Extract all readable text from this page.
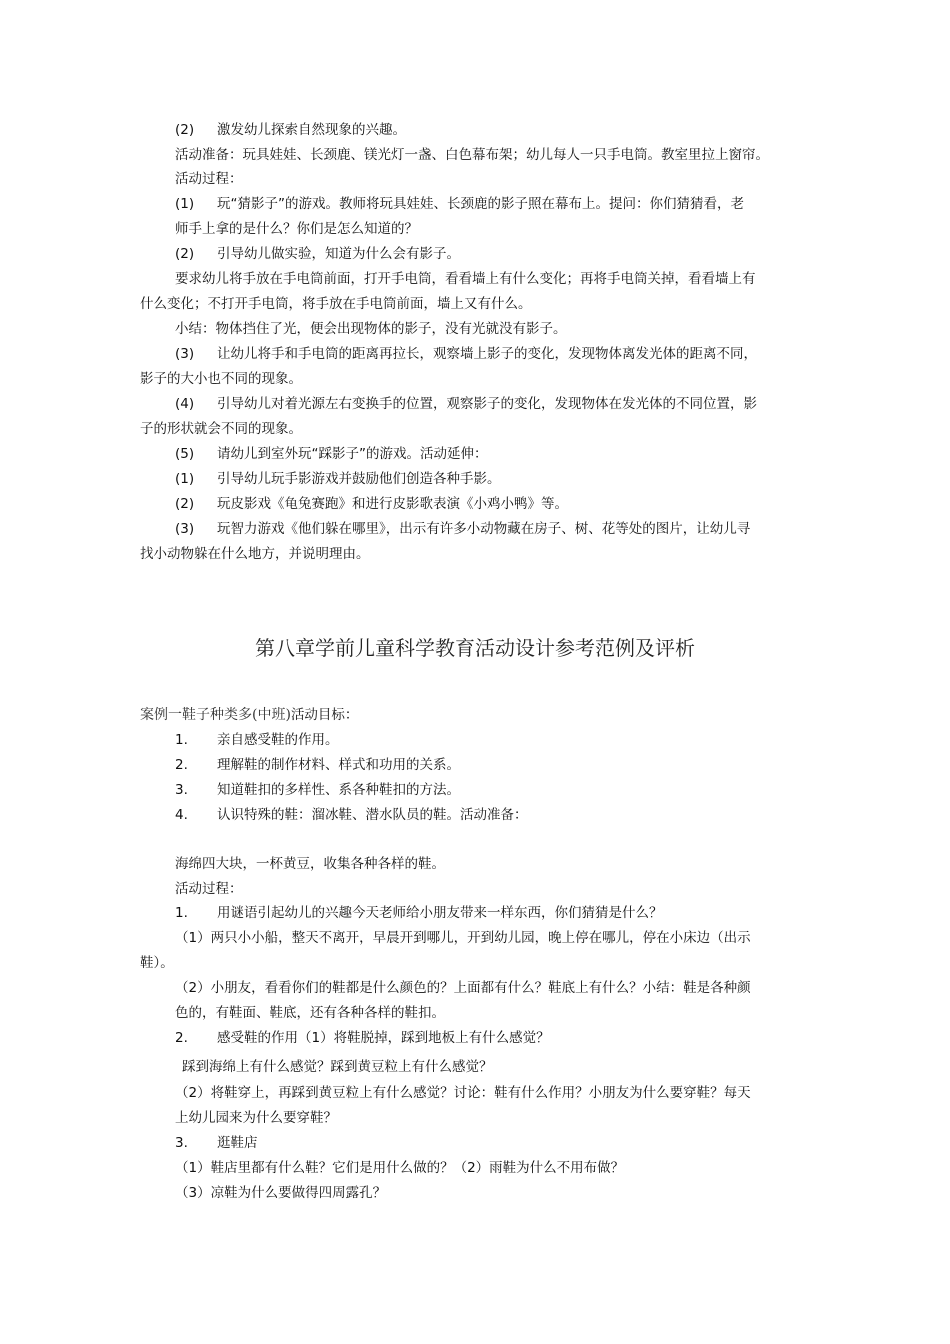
(2) 激发幼儿探索自然现象的兴趣。
活动准备：玩具娃娃、长颈鹿、镁光灯一盏、白色幕布架；幼儿每人一只手电筒。教室里拉上窗帘。
活动过程：
(1) 玩“猜影子”的游戏。教师将玩具娃娃、长颈鹿的影子照在幕布上。提问：你们猜猜看，老
师手上拿的是什么？你们是怎么知道的？
(2) 引导幼儿做实验，知道为什么会有影子。
要求幼儿将手放在手电筒前面，打开手电筒，看看墙上有什么变化；再将手电筒关掉，看看墙上有
什么变化；不打开手电筒，将手放在手电筒前面，墙上又有什么。
小结：物体挡住了光，便会出现物体的影子，没有光就没有影子。
(3) 让幼儿将手和手电筒的距离再拉长，观察墙上影子的变化，发现物体离发光体的距离不同，
影子的大小也不同的现象。
(4) 引导幼儿对着光源左右变换手的位置，观察影子的变化，发现物体在发光体的不同位置，影
子的形状就会不同的现象。
(5) 请幼儿到室外玩“踩影子”的游戏。活动延伸：
(1) 引导幼儿玩手影游戏并鼓励他们创造各种手影。
(2) 玩皮影戏《龟兔赛跑》和进行皮影歌表演《小鸡小鸭》等。
(3) 玩智力游戏《他们躲在哪里》，出示有许多小动物藏在房子、树、花等处的图片，让幼儿寻
找小动物躲在什么地方，并说明理由。
第八章学前儿童科学教育活动设计参考范例及评析
案例一鞋子种类多(中班)活动目标：
1. 亲自感受鞋的作用。
2. 理解鞋的制作材料、样式和功用的关系。
3. 知道鞋扣的多样性、系各种鞋扣的方法。
4. 认识特殊的鞋：溜冰鞋、潜水队员的鞋。活动准备：
海绵四大块，一杯黄豆，收集各种各样的鞋。
活动过程：
1. 用谜语引起幼儿的兴趣今天老师给小朋友带来一样东西，你们猜猜是什么？
（1）两只小小船，整天不离开，早晨开到哪儿，开到幼儿园，晚上停在哪儿，停在小床边（出示
鞋）。
（2）小朋友，看看你们的鞋都是什么颜色的？上面都有什么？鞋底上有什么？小结：鞋是各种颜
色的，有鞋面、鞋底，还有各种各样的鞋扣。
2. 感受鞋的作用（1）将鞋脱掉，踩到地板上有什么感觉？
踩到海绵上有什么感觉？踩到黄豆粒上有什么感觉？
（2）将鞋穿上，再踩到黄豆粒上有什么感觉？讨论：鞋有什么作用？小朋友为什么要穿鞋？每天
上幼儿园来为什么要穿鞋？
3. 逛鞋店
（1）鞋店里都有什么鞋？它们是用什么做的？（2）雨鞋为什么不用布做？
（3）凉鞋为什么要做得四周露孔？
